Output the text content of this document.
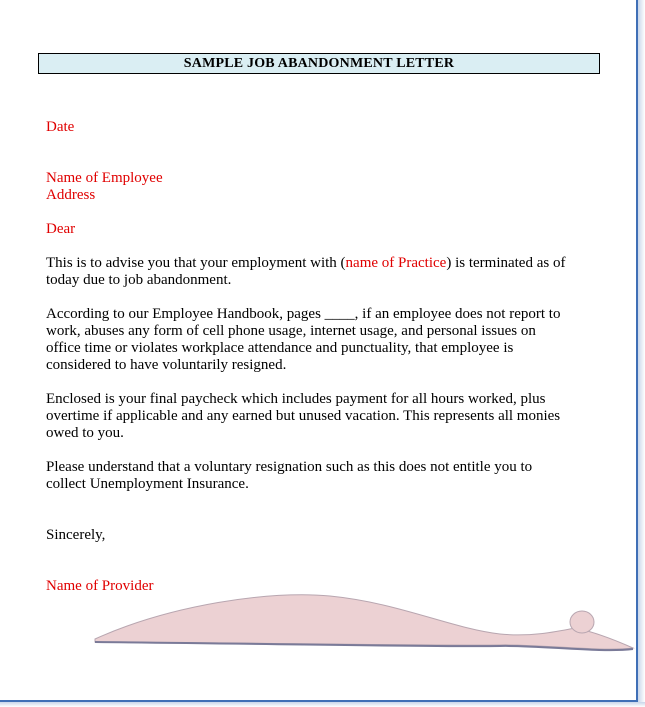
SAMPLE JOB ABANDONMENT LETTER
Date
Name of Employee
Address
Dear
This is to advise you that your employment with (name of Practice) is terminated as of
today due to job abandonment.
According to our Employee Handbook, pages ____, if an employee does not report to
work, abuses any form of cell phone usage, internet usage, and personal issues on
office time or violates workplace attendance and punctuality, that employee is
considered to have voluntarily resigned.
Enclosed is your final paycheck which includes payment for all hours worked, plus
overtime if applicable and any earned but unused vacation. This represents all monies
owed to you.
Please understand that a voluntary resignation such as this does not entitle you to
collect Unemployment Insurance.
Sincerely,
Name of Provider
